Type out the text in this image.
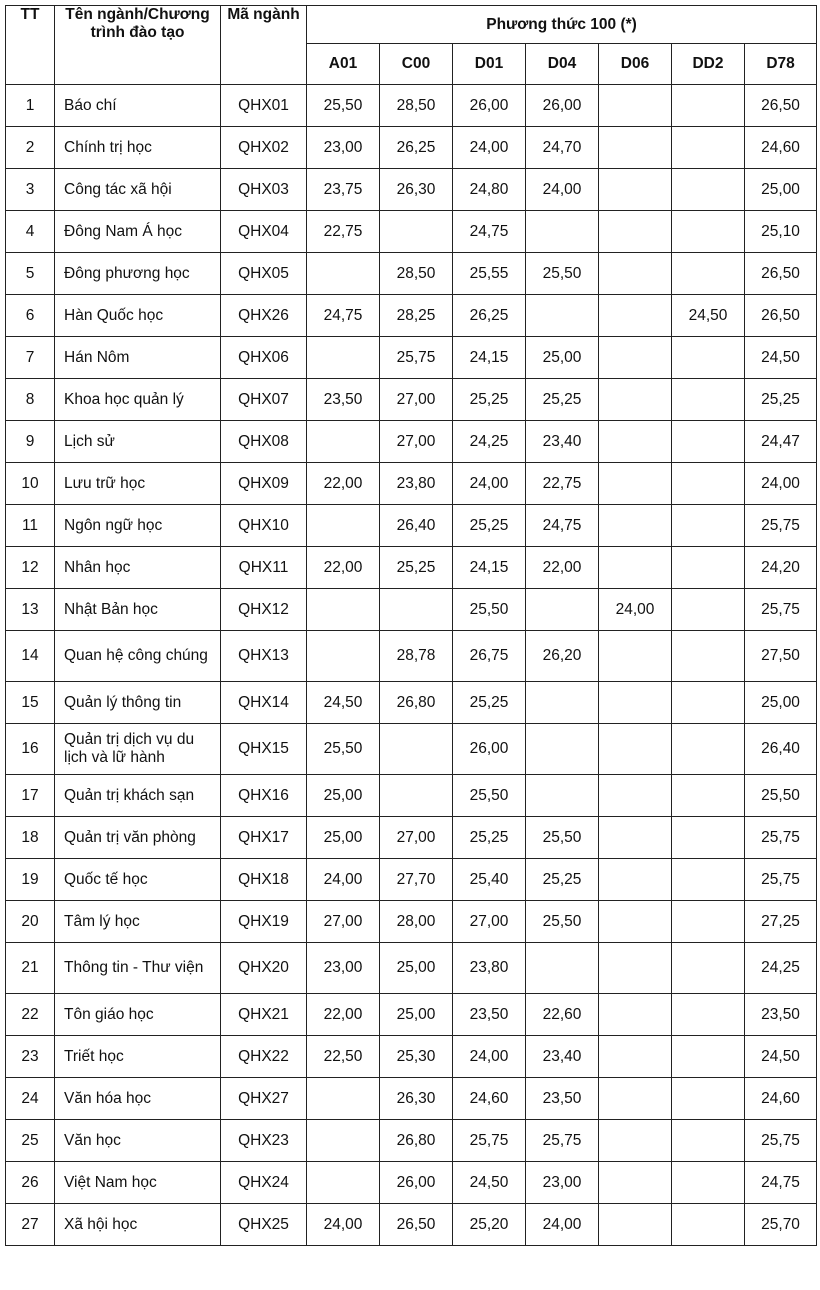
TT	Tên ngành/Chương trình đào tạo	Mã ngành	Phương thức 100 (*)						
			A01	C00	D01	D04	D06	DD2	D78
1	Báo chí	QHX01	25,50	28,50	26,00	26,00			26,50
2	Chính trị học	QHX02	23,00	26,25	24,00	24,70			24,60
3	Công tác xã hội	QHX03	23,75	26,30	24,80	24,00			25,00
4	Đông Nam Á học	QHX04	22,75		24,75				25,10
5	Đông phương học	QHX05		28,50	25,55	25,50			26,50
6	Hàn Quốc học	QHX26	24,75	28,25	26,25			24,50	26,50
7	Hán Nôm	QHX06		25,75	24,15	25,00			24,50
8	Khoa học quản lý	QHX07	23,50	27,00	25,25	25,25			25,25
9	Lịch sử	QHX08		27,00	24,25	23,40			24,47
10	Lưu trữ học	QHX09	22,00	23,80	24,00	22,75			24,00
11	Ngôn ngữ học	QHX10		26,40	25,25	24,75			25,75
12	Nhân học	QHX11	22,00	25,25	24,15	22,00			24,20
13	Nhật Bản học	QHX12			25,50		24,00		25,75
14	Quan hệ công chúng	QHX13		28,78	26,75	26,20			27,50
15	Quản lý thông tin	QHX14	24,50	26,80	25,25				25,00
16	Quản trị dịch vụ du lịch và lữ hành	QHX15	25,50		26,00				26,40
17	Quản trị khách sạn	QHX16	25,00		25,50				25,50
18	Quản trị văn phòng	QHX17	25,00	27,00	25,25	25,50			25,75
19	Quốc tế học	QHX18	24,00	27,70	25,40	25,25			25,75
20	Tâm lý học	QHX19	27,00	28,00	27,00	25,50			27,25
21	Thông tin - Thư viện	QHX20	23,00	25,00	23,80				24,25
22	Tôn giáo học	QHX21	22,00	25,00	23,50	22,60			23,50
23	Triết học	QHX22	22,50	25,30	24,00	23,40			24,50
24	Văn hóa học	QHX27		26,30	24,60	23,50			24,60
25	Văn học	QHX23		26,80	25,75	25,75			25,75
26	Việt Nam học	QHX24		26,00	24,50	23,00			24,75
27	Xã hội học	QHX25	24,00	26,50	25,20	24,00			25,70
